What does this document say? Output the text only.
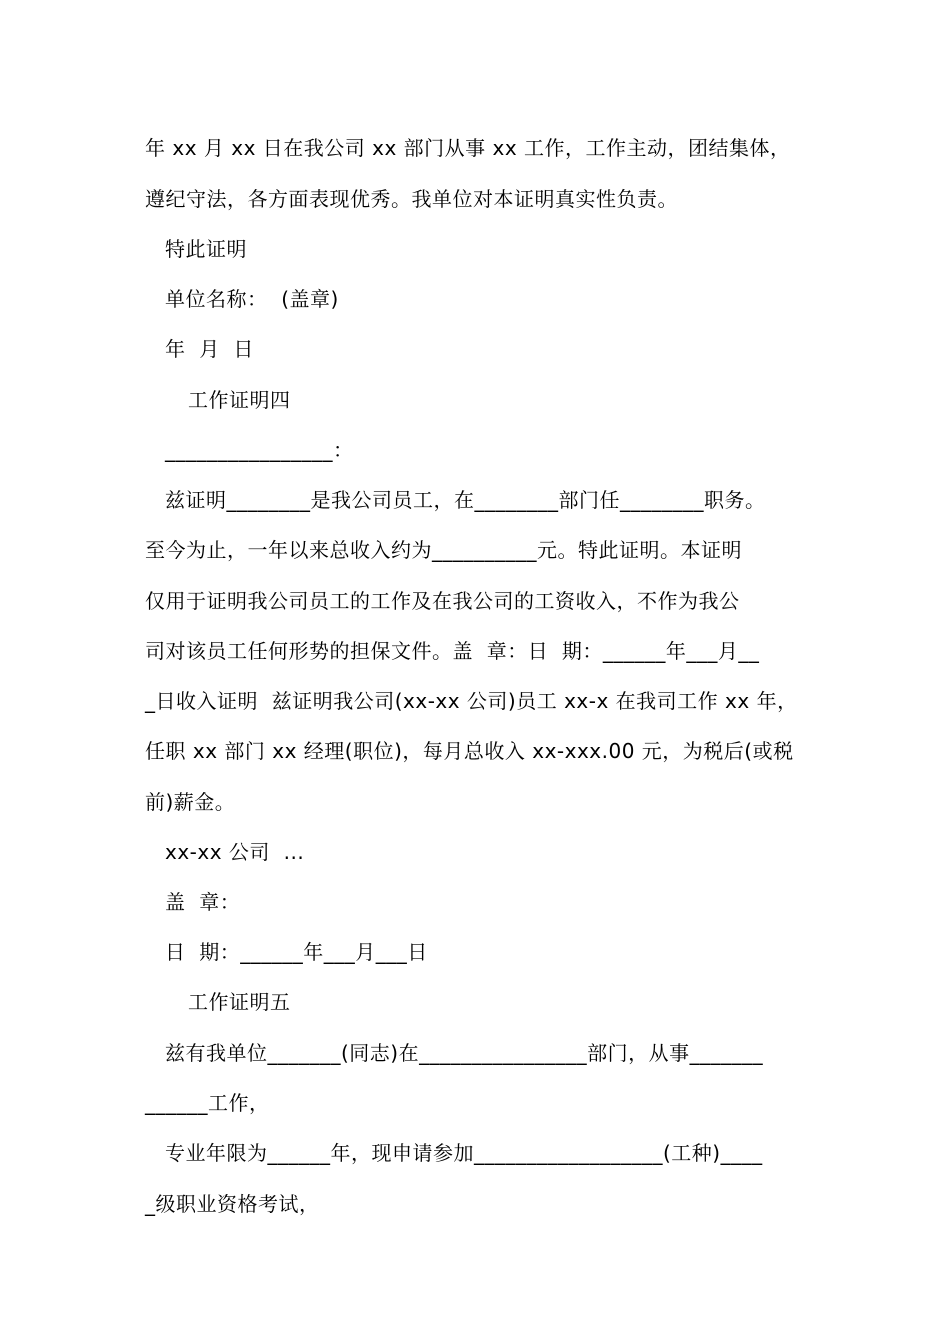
年 xx 月 xx 日在我公司 xx 部门从事 xx 工作，工作主动，团结集体，
遵纪守法，各方面表现优秀。我单位对本证明真实性负责。
特此证明
单位名称：  (盖章)
年  月  日
工作证明四
________________：
兹证明________是我公司员工，在________部门任________职务。
至今为止，一年以来总收入约为__________元。特此证明。本证明
仅用于证明我公司员工的工作及在我公司的工资收入，不作为我公
司对该员工任何形势的担保文件。盖  章：日  期：______年___月__
_日收入证明  兹证明我公司(xx-xx 公司)员工 xx-x 在我司工作 xx 年，
任职 xx 部门 xx 经理(职位)，每月总收入 xx-xxx.00 元，为税后(或税
前)薪金。
xx-xx 公司  ...
盖  章：
日  期：______年___月___日
工作证明五
兹有我单位_______(同志)在________________部门，从事_______
______工作，
专业年限为______年，现申请参加__________________(工种)____
_级职业资格考试，
